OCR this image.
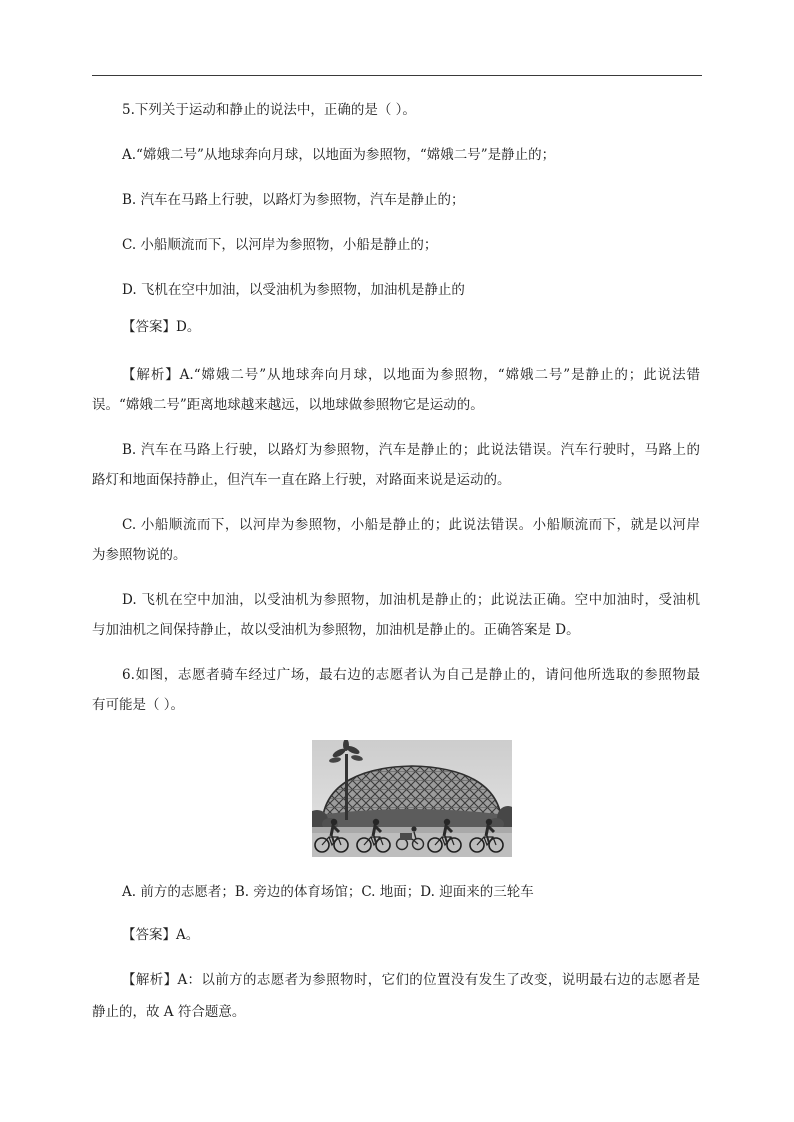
5.下列关于运动和静止的说法中，正确的是（ ）。
A.“嫦娥二号”从地球奔向月球，以地面为参照物，“嫦娥二号”是静止的；
B. 汽车在马路上行驶，以路灯为参照物，汽车是静止的；
C. 小船顺流而下，以河岸为参照物，小船是静止的；
D. 飞机在空中加油，以受油机为参照物，加油机是静止的
【答案】D。
【解析】A.“嫦娥二号”从地球奔向月球，以地面为参照物，“嫦娥二号”是静止的；此说法错
误。“嫦娥二号”距离地球越来越远，以地球做参照物它是运动的。
B. 汽车在马路上行驶，以路灯为参照物，汽车是静止的；此说法错误。汽车行驶时，马路上的
路灯和地面保持静止，但汽车一直在路上行驶，对路面来说是运动的。
C. 小船顺流而下，以河岸为参照物，小船是静止的；此说法错误。小船顺流而下，就是以河岸
为参照物说的。
D. 飞机在空中加油，以受油机为参照物，加油机是静止的；此说法正确。空中加油时，受油机
与加油机之间保持静止，故以受油机为参照物，加油机是静止的。正确答案是 D。
6.如图，志愿者骑车经过广场，最右边的志愿者认为自己是静止的，请问他所选取的参照物最
有可能是（ ）。
A. 前方的志愿者；B. 旁边的体育场馆；C. 地面；D. 迎面来的三轮车
【答案】A。
【解析】A：以前方的志愿者为参照物时，它们的位置没有发生了改变，说明最右边的志愿者是
静止的，故 A 符合题意。
